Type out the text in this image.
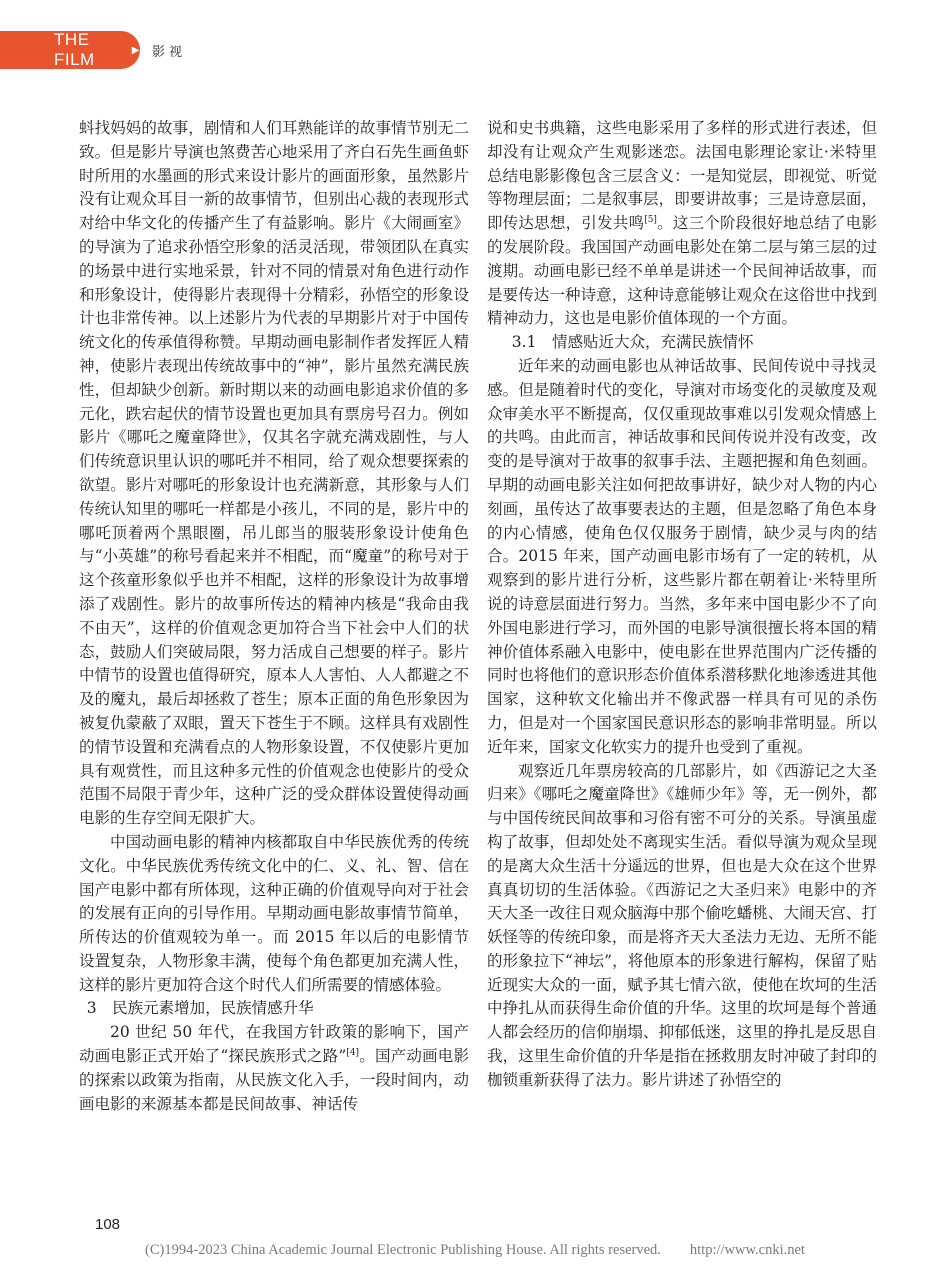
THE FILM	▶ 影视

蚪找妈妈的故事，剧情和人们耳熟能详的故事情节别无二致。但是影片导演也煞费苦心地采用了齐白石先生画鱼虾时所用的水墨画的形式来设计影片的画面形象，虽然影片没有让观众耳目一新的故事情节，但别出心裁的表现形式对给中华文化的传播产生了有益影响。影片《大闹画室》的导演为了追求孙悟空形象的活灵活现，带领团队在真实的场景中进行实地采景，针对不同的情景对角色进行动作和形象设计，使得影片表现得十分精彩，孙悟空的形象设计也非常传神。以上述影片为代表的早期影片对于中国传统文化的传承值得称赞。早期动画电影制作者发挥匠人精神，使影片表现出传统故事中的“神”，影片虽然充满民族性，但却缺少创新。新时期以来的动画电影追求价值的多元化，跌宕起伏的情节设置也更加具有票房号召力。例如影片《哪吒之魔童降世》，仅其名字就充满戏剧性，与人们传统意识里认识的哪吒并不相同，给了观众想要探索的欲望。影片对哪吒的形象设计也充满新意，其形象与人们传统认知里的哪吒一样都是小孩儿，不同的是，影片中的哪吒顶着两个黑眼圈，吊儿郎当的服装形象设计使角色与“小英雄”的称号看起来并不相配，而“魔童”的称号对于这个孩童形象似乎也并不相配，这样的形象设计为故事增添了戏剧性。影片的故事所传达的精神内核是“我命由我不由天”，这样的价值观念更加符合当下社会中人们的状态，鼓励人们突破局限，努力活成自己想要的样子。影片中情节的设置也值得研究，原本人人害怕、人人都避之不及的魔丸，最后却拯救了苍生；原本正面的角色形象因为被复仇蒙蔽了双眼，置天下苍生于不顾。这样具有戏剧性的情节设置和充满看点的人物形象设置，不仅使影片更加具有观赏性，而且这种多元性的价值观念也使影片的受众范围不局限于青少年，这种广泛的受众群体设置使得动画电影的生存空间无限扩大。

中国动画电影的精神内核都取自中华民族优秀的传统文化。中华民族优秀传统文化中的仁、义、礼、智、信在国产电影中都有所体现，这种正确的价值观导向对于社会的发展有正向的引导作用。早期动画电影故事情节简单，所传达的价值观较为单一。而 2015 年以后的电影情节设置复杂，人物形象丰满，使每个角色都更加充满人性，这样的影片更加符合这个时代人们所需要的情感体验。

3　民族元素增加，民族情感升华

20 世纪 50 年代，在我国方针政策的影响下，国产动画电影正式开始了“探民族形式之路”[4]。国产动画电影的探索以政策为指南，从民族文化入手，一段时间内，动画电影的来源基本都是民间故事、神话传

说和史书典籍，这些电影采用了多样的形式进行表述，但却没有让观众产生观影迷恋。法国电影理论家让·米特里总结电影影像包含三层含义：一是知觉层，即视觉、听觉等物理层面；二是叙事层，即要讲故事；三是诗意层面，即传达思想，引发共鸣[5]。这三个阶段很好地总结了电影的发展阶段。我国国产动画电影处在第二层与第三层的过渡期。动画电影已经不单单是讲述一个民间神话故事，而是要传达一种诗意，这种诗意能够让观众在这俗世中找到精神动力，这也是电影价值体现的一个方面。

3.1　情感贴近大众，充满民族情怀

近年来的动画电影也从神话故事、民间传说中寻找灵感。但是随着时代的变化，导演对市场变化的灵敏度及观众审美水平不断提高，仅仅重现故事难以引发观众情感上的共鸣。由此而言，神话故事和民间传说并没有改变，改变的是导演对于故事的叙事手法、主题把握和角色刻画。早期的动画电影关注如何把故事讲好，缺少对人物的内心刻画，虽传达了故事要表达的主题，但是忽略了角色本身的内心情感，使角色仅仅服务于剧情，缺少灵与肉的结合。2015 年来，国产动画电影市场有了一定的转机，从观察到的影片进行分析，这些影片都在朝着让·米特里所说的诗意层面进行努力。当然，多年来中国电影少不了向外国电影进行学习，而外国的电影导演很擅长将本国的精神价值体系融入电影中，使电影在世界范围内广泛传播的同时也将他们的意识形态价值体系潜移默化地渗透进其他国家，这种软文化输出并不像武器一样具有可见的杀伤力，但是对一个国家国民意识形态的影响非常明显。所以近年来，国家文化软实力的提升也受到了重视。

观察近几年票房较高的几部影片，如《西游记之大圣归来》《哪吒之魔童降世》《雄师少年》等，无一例外，都与中国传统民间故事和习俗有密不可分的关系。导演虽虚构了故事，但却处处不离现实生活。看似导演为观众呈现的是离大众生活十分遥远的世界，但也是大众在这个世界真真切切的生活体验。《西游记之大圣归来》电影中的齐天大圣一改往日观众脑海中那个偷吃蟠桃、大闹天宫、打妖怪等的传统印象，而是将齐天大圣法力无边、无所不能的形象拉下“神坛”，将他原本的形象进行解构，保留了贴近现实大众的一面，赋予其七情六欲，使他在坎坷的生活中挣扎从而获得生命价值的升华。这里的坎坷是每个普通人都会经历的信仰崩塌、抑郁低迷，这里的挣扎是反思自我，这里生命价值的升华是指在拯救朋友时冲破了封印的枷锁重新获得了法力。影片讲述了孙悟空的

108
(C)1994-2023 China Academic Journal Electronic Publishing House. All rights reserved.　　http://www.cnki.net
